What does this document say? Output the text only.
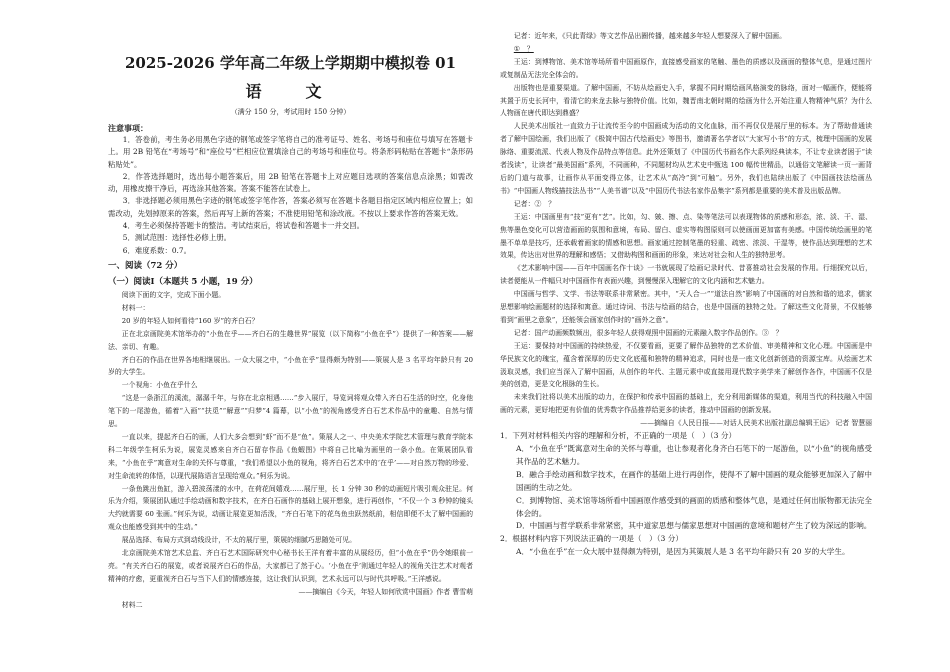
2025-2026 学年高二年级上学期期中模拟卷 01
语　文
（满分 150 分，考试用时 150 分钟）
注意事项：
1．答卷前，考生务必用黑色字迹的钢笔或签字笔将自己的准考证号、姓名、考场号和座位号填写在答题卡上。用 2B 铅笔在“考场号”和“座位号”栏相应位置填涂自己的考场号和座位号。将条形码粘贴在答题卡“条形码粘贴处”。
2．作答选择题时，选出每小题答案后，用 2B 铅笔在答题卡上对应题目选项的答案信息点涂黑；如需改动，用橡皮擦干净后，再选涂其他答案。答案不能答在试卷上。
3．非选择题必须用黑色字迹的钢笔或签字笔作答，答案必须写在答题卡各题目指定区域内相应位置上；如需改动，先划掉原来的答案，然后再写上新的答案；不准使用铅笔和涂改液。不按以上要求作答的答案无效。
4．考生必须保持答题卡的整洁。考试结束后，将试卷和答题卡一并交回。
5．测试范围：选择性必修上册。
6．难度系数：0.7。
一、阅读（72 分）
（一）阅读Ⅰ（本题共 5 小题，19 分）

阅读下面的文字，完成下面小题。

材料一：

20 岁的年轻人如何看待“160 岁”的齐白石？

正在北京画院美术馆举办的“小鱼在乎——齐白石的生趣世界”展览（以下简称“小鱼在乎”）提供了一种答案——解法、亲切、有趣。

齐白石的作品在世界各地相继展出。一众大展之中，“小鱼在乎”显得颇为特别——策展人是 3 名平均年龄只有 20 岁的大学生。

一个视角：小鱼在乎什么

“这是一条浙江的溪流，潺潺千年，与你在北京相遇……”步入展厅，导览词将观众带入齐白石生活的时空，化身他笔下的一尾游鱼，循着“入画”“扶觅”“解意”“归梦”4 篇幕，以“小鱼”的视角感受齐白石艺术作品中的童趣、自然与情思。

一直以来，提起齐白石的画，人们大多会想到“虾”而不是“鱼”。策展人之一、中央美术学院艺术管理与教育学院本科二年级学生柯乐为说，展览灵感来自齐白石留存作品《鱼蝦图》中将自己比喻为画里的一条小鱼。在策展团队看来，“小鱼在乎”寓意对生命的关怀与尊重，“我们希望以小鱼的视角，将齐白石艺术中的‘在乎’——对自然万物的珍爱、对生命流转的体悟，以现代展陈语言呈现给观众。”柯乐为说。

一条鱼跳出鱼缸，游入碧波荡漾的水中，在荷花间嬉戏……展厅里，长 1 分钟 30 秒的动画短片吸引观众驻足。何乐为介绍，策展团队通过手绘动画和数字技术，在齐白石画作的基础上展开想象，进行再创作，“不仅一个 3 秒钟的镜头大约就需要 60 张画。”何乐为说，动画让展览更加活泼，“齐白石笔下的花鸟鱼虫跃然纸前，相信即便不太了解中国画的观众也能感受到其中的生动。”

展品选择、布局方式到动线设计，不太的展厅里，策展的细腻巧思随处可见。

北京画院美术馆艺术总监、齐白石艺术国际研究中心秘书长王洋有着丰富的从展经历，但“小鱼在乎”仍令她眼前一亮。“有关齐白石的展览，或者说展齐白石的作品，大家都已了然于心。‘小鱼在乎’则通过年轻人的视角关注艺术对观者精神的疗愈，更重视齐白石与当下人们的情感连接，这让我们认识到，艺术永远可以与时代共呼吸。”王洋感说。

——摘编自《今天，年轻人如何欣赏中国画》作者 曹雪萌

材料二

记者：近年来，《只此青绿》等文艺作品出圈传播，越来越多年轻人想要深入了解中国画。

①　？

王运：到博物馆、美术馆等场所看中国画原作，直接感受画家的笔触、墨色的质感以及画面的整体气息，是通过图片或复制品无法完全体会的。

出版物也是重要渠道。了解中国画，不妨从绘画史入手，掌握不同时期绘画风格演变的脉络，面对一幅画作，便能将其置于历史长河中，看清它的来龙去脉与独特价值。比如，魏晋南北朝时期的绘画为什么开始注重人物精神气质？为什么人物画在唐代即达到鼎盛？

人民美术出版社一直致力于让流传至今的中国画成为活动的文化血脉，而不再仅仅是展厅里的标本。为了帮助普通读者了解中国绘画，我们出版了《极简中国古代绘画史》等图书，邀请著名学者以“大家写小书”的方式，梳理中国画的发展脉络、重要流派、代表人物及作品特点等信息。此外还策划了《中国历代书画名作大系列经典读本，不让专业读者困于“读者浅读”，让读者“最美国画”系列，不同画种，不同题材均从艺术史中甄选 100 幅传世精品，以通俗文笔解读一页一画背后的门道与故事，让画作从平面变得立体，让艺术从“高冷”到“可触”。另外，我们也陆续出版了《中国画技法绘画丛书》“中国画人物线描技法丛书”“人美书谱”以及“中国历代书法名家作品集字”系列都是重要的美术普及出版品牌。

记者：②　？

王运：中国画里有“技”更有“艺”。比如，勾、皴、擦、点、染等笔法可以表现物体的质感和形态，浓、淡、干、湿、焦等墨色变化可以营造画面的氛围和意境，布局、留白、虚实等构图原则可以使画面更加富有美感。中国传统绘画里的笔墨不单单是技巧，还承载着画家的情感和思想。画家通过控制笔墨的轻重、疏密、浓淡、干湿等，使作品达到理想的艺术效果，传达出对世界的理解和感悟；又借助构图和画面的形象，来达对社会和人生的独特思考。

《艺术影响中国——百年中国画名作十谈》一书就展现了绘画记录时代、昔喜推动社会发展的作用。行细探究以后，读者便能从一件幅只对中国画作有表面兴趣，到慢慢深入理解它的文化内涵和艺术魅力。

中国画与哲学、文学、书法等联系非常紧密。其中，“天人合一”“道法自然”影响了中国画的对自然和谐的追求，儒家思想影响绘画题材的选择和寓意。通过诗词、书法与绘画的结合，也是中国画的独特之处。了解这些文化背景，不仅能够看到“画里之意象”，还能领会画家创作时的“画外之意”。

记者：国产动画频数频出，很多年轻人获得观照中国画的元素融入数字作品创作。③　？

王运：要保持对中国画的持续热爱，不仅要看画，更要了解作品独特的艺术价值、审美精神和文化心理。中国画是中华民族文化的瑰宝，蕴含着深厚的历史文化底蕴和独特的精神追求，同时也是一座文化创新创造的资源宝库。从绘画艺术汲取灵感，我们应当深入了解中国画，从创作的年代、主题元素中或直接用现代数字美学来了解创作各作，中国画不仅是美的创造，更是文化根脉的生长。

未来我们社将以美术出版的动力，在保护和传承中国画的基础上，充分利用新媒体的渠道，利用当代的科技融入中国画的元素，更好地把更有价值的优秀数字作品推荐给更多的读者，推动中国画的创新发展。

——摘编自《人民日报——对话人民美术出版社副总编辑王运》 记者 智慧丽

1．下列对材料相关内容的理解和分析，不正确的一项是（　）（3 分）

A．“小鱼在乎”既寓意对生命的关怀与尊重，也让参观者化身齐白石笔下的一尾游鱼，以“小鱼”的视角感受其作品的艺术魅力。

B．融合手绘动画和数字技术，在画作的基础上进行再创作，使得不了解中国画的观众能够更加深入了解中国画的生动之处。

C．到博物馆、美术馆等场所看中国画原作感受到的画面的质感和整体气息，是通过任何出版物都无法完全体会的。

D．中国画与哲学联系非常紧密，其中道家思想与儒家思想对中国画的意境和题材产生了较为深远的影响。

2．根据材料内容下列说法正确的一项是（　）（3 分）

A．“小鱼在乎”在一众大展中显得颇为特别，是因为其策展人是 3 名平均年龄只有 20 岁的大学生。
